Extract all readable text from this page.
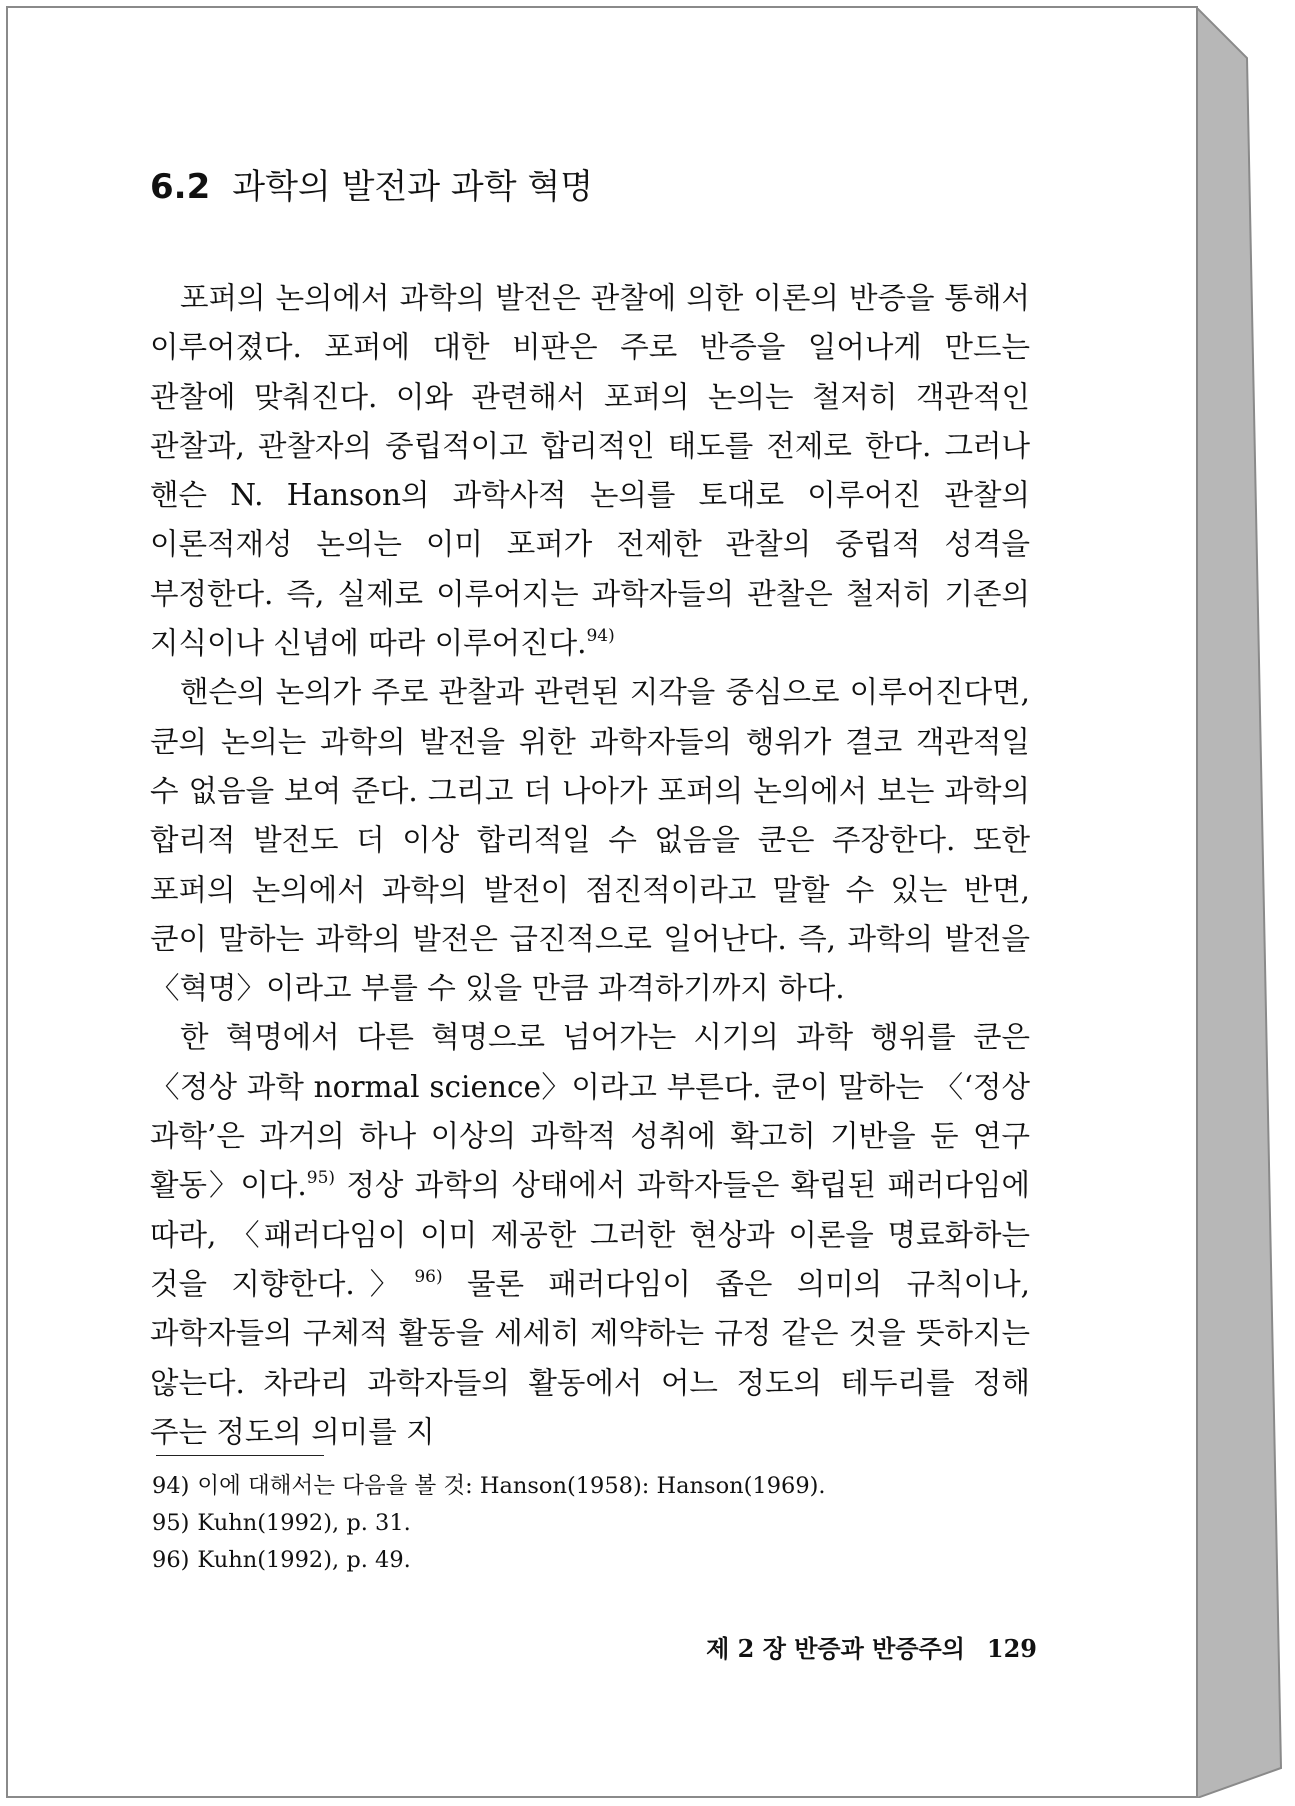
6.2 과학의 발전과 과학 혁명

포퍼의 논의에서 과학의 발전은 관찰에 의한 이론의 반증을 통해서 이루어졌다. 포퍼에 대한 비판은 주로 반증을 일어나게 만드는 관찰에 맞춰진다. 이와 관련해서 포퍼의 논의는 철저히 객관적인 관찰과, 관찰자의 중립적이고 합리적인 태도를 전제로 한다. 그러나 핸슨 N. Hanson의 과학사적 논의를 토대로 이루어진 관찰의 이론적재성 논의는 이미 포퍼가 전제한 관찰의 중립적 성격을 부정한다. 즉, 실제로 이루어지는 과학자들의 관찰은 철저히 기존의 지식이나 신념에 따라 이루어진다.$^{94)}$

핸슨의 논의가 주로 관찰과 관련된 지각을 중심으로 이루어진다면, 쿤의 논의는 과학의 발전을 위한 과학자들의 행위가 결코 객관적일 수 없음을 보여 준다. 그리고 더 나아가 포퍼의 논의에서 보는 과학의 합리적 발전도 더 이상 합리적일 수 없음을 쿤은 주장한다. 또한 포퍼의 논의에서 과학의 발전이 점진적이라고 말할 수 있는 반면, 쿤이 말하는 과학의 발전은 급진적으로 일어난다. 즉, 과학의 발전을 〈혁명〉이라고 부를 수 있을 만큼 과격하기까지 하다.

한 혁명에서 다른 혁명으로 넘어가는 시기의 과학 행위를 쿤은 〈정상 과학 normal science〉이라고 부른다. 쿤이 말하는 〈‘정상 과학’은 과거의 하나 이상의 과학적 성취에 확고히 기반을 둔 연구 활동〉이다.$^{95)}$ 정상 과학의 상태에서 과학자들은 확립된 패러다임에 따라, 〈패러다임이 이미 제공한 그러한 현상과 이론을 명료화하는 것을 지향한다.〉$^{96)}$ 물론 패러다임이 좁은 의미의 규칙이나, 과학자들의 구체적 활동을 세세히 제약하는 규정 같은 것을 뜻하지는 않는다. 차라리 과학자들의 활동에서 어느 정도의 테두리를 정해 주는 정도의 의미를 지

94) 이에 대해서는 다음을 볼 것: Hanson(1958): Hanson(1969).

95) Kuhn(1992), p. 31.

96) Kuhn(1992), p. 49.

제 2 장 반증과 반증주의 129
